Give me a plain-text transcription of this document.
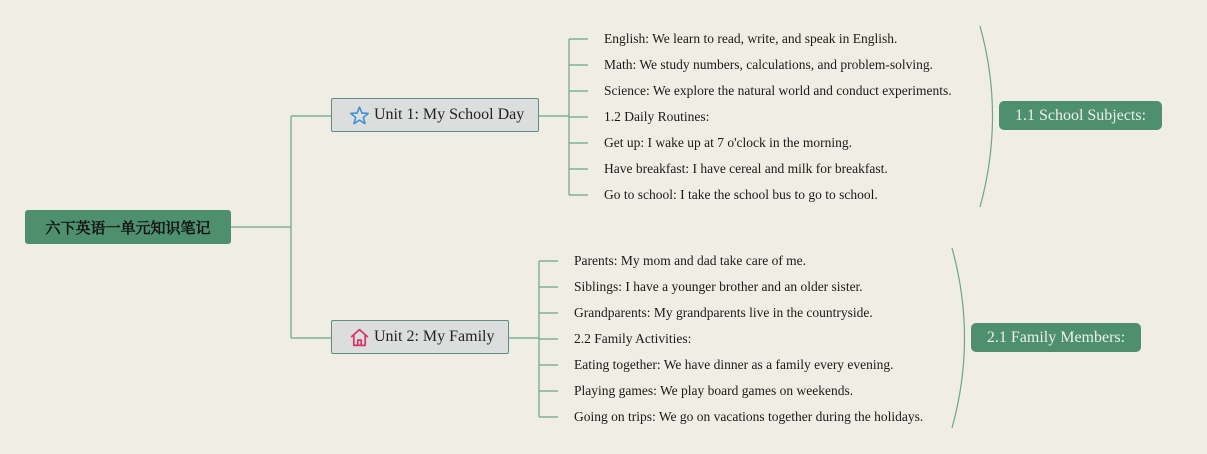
六下英语一单元知识笔记
Unit 1: My School Day
Unit 2: My Family
English: We learn to read, write, and speak in English.
Math: We study numbers, calculations, and problem-solving.
Science: We explore the natural world and conduct experiments.
1.2 Daily Routines:
Get up: I wake up at 7 o'clock in the morning.
Have breakfast: I have cereal and milk for breakfast.
Go to school: I take the school bus to go to school.
Parents: My mom and dad take care of me.
Siblings: I have a younger brother and an older sister.
Grandparents: My grandparents live in the countryside.
2.2 Family Activities:
Eating together: We have dinner as a family every evening.
Playing games: We play board games on weekends.
Going on trips: We go on vacations together during the holidays.
1.1 School Subjects:
2.1 Family Members:
